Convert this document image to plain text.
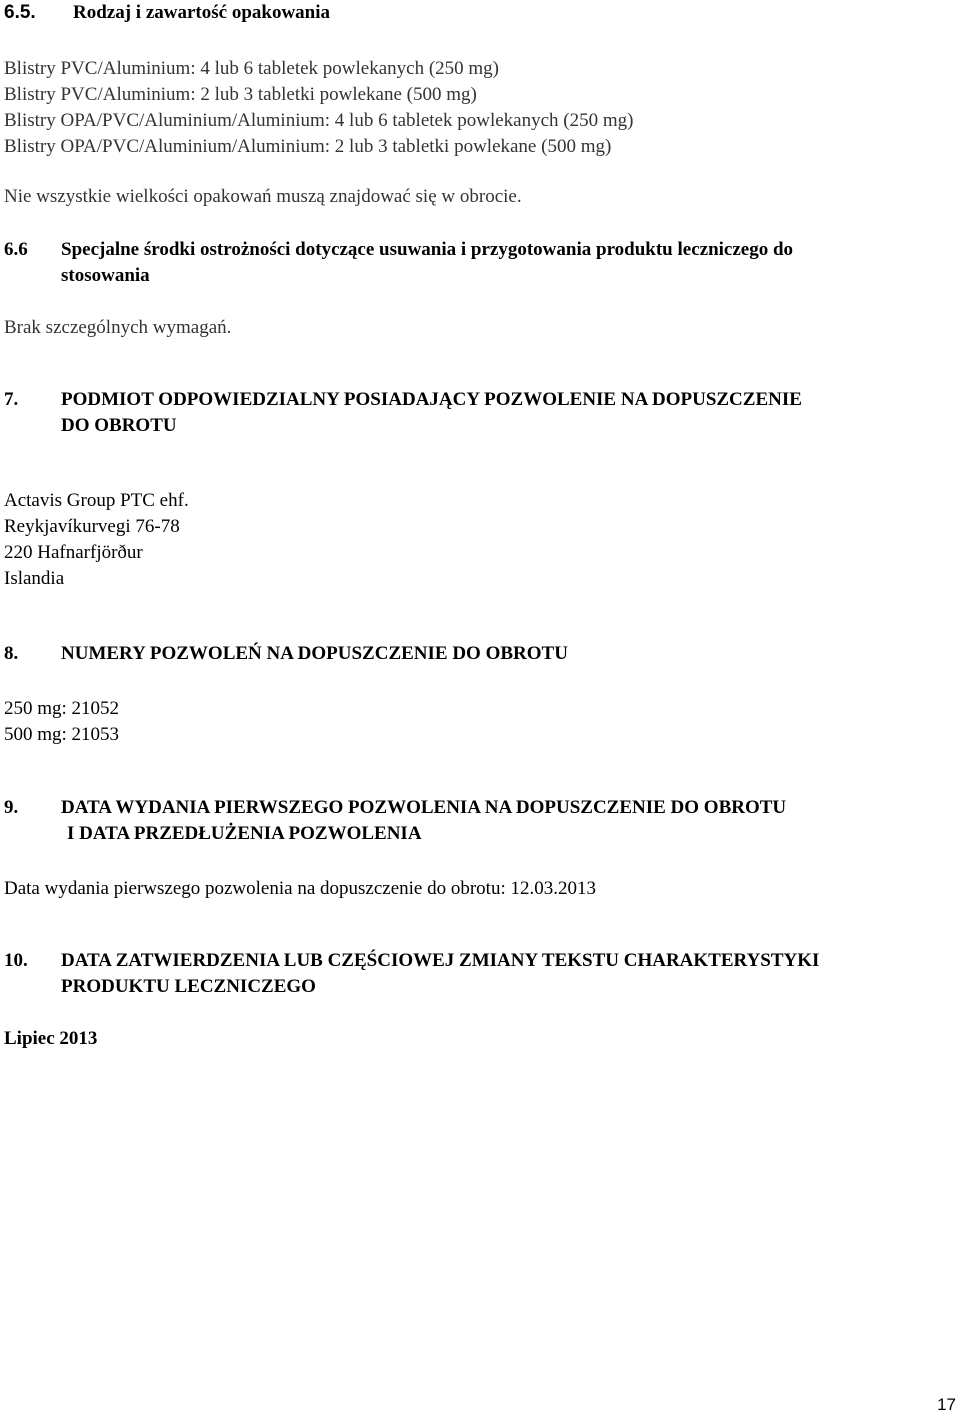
6.5. Rodzaj i zawartość opakowania
Blistry PVC/Aluminium: 4 lub 6 tabletek powlekanych (250 mg)
Blistry PVC/Aluminium: 2 lub 3 tabletki powlekane (500 mg)
Blistry OPA/PVC/Aluminium/Aluminium: 4 lub 6 tabletek powlekanych (250 mg)
Blistry OPA/PVC/Aluminium/Aluminium: 2 lub 3 tabletki powlekane (500 mg)
Nie wszystkie wielkości opakowań muszą znajdować się w obrocie.
6.6 Specjalne środki ostrożności dotyczące usuwania i przygotowania produktu leczniczego do
stosowania
Brak szczególnych wymagań.
7. PODMIOT ODPOWIEDZIALNY POSIADAJĄCY POZWOLENIE NA DOPUSZCZENIE
DO OBROTU
Actavis Group PTC ehf.
Reykjavíkurvegi 76-78
220 Hafnarfjörður
Islandia
8. NUMERY POZWOLEŃ NA DOPUSZCZENIE DO OBROTU
250 mg: 21052
500 mg: 21053
9. DATA WYDANIA PIERWSZEGO POZWOLENIA NA DOPUSZCZENIE DO OBROTU
I DATA PRZEDŁUŻENIA POZWOLENIA
Data wydania pierwszego pozwolenia na dopuszczenie do obrotu: 12.03.2013
10. DATA ZATWIERDZENIA LUB CZĘŚCIOWEJ ZMIANY TEKSTU CHARAKTERYSTYKI
PRODUKTU LECZNICZEGO
Lipiec 2013
17
